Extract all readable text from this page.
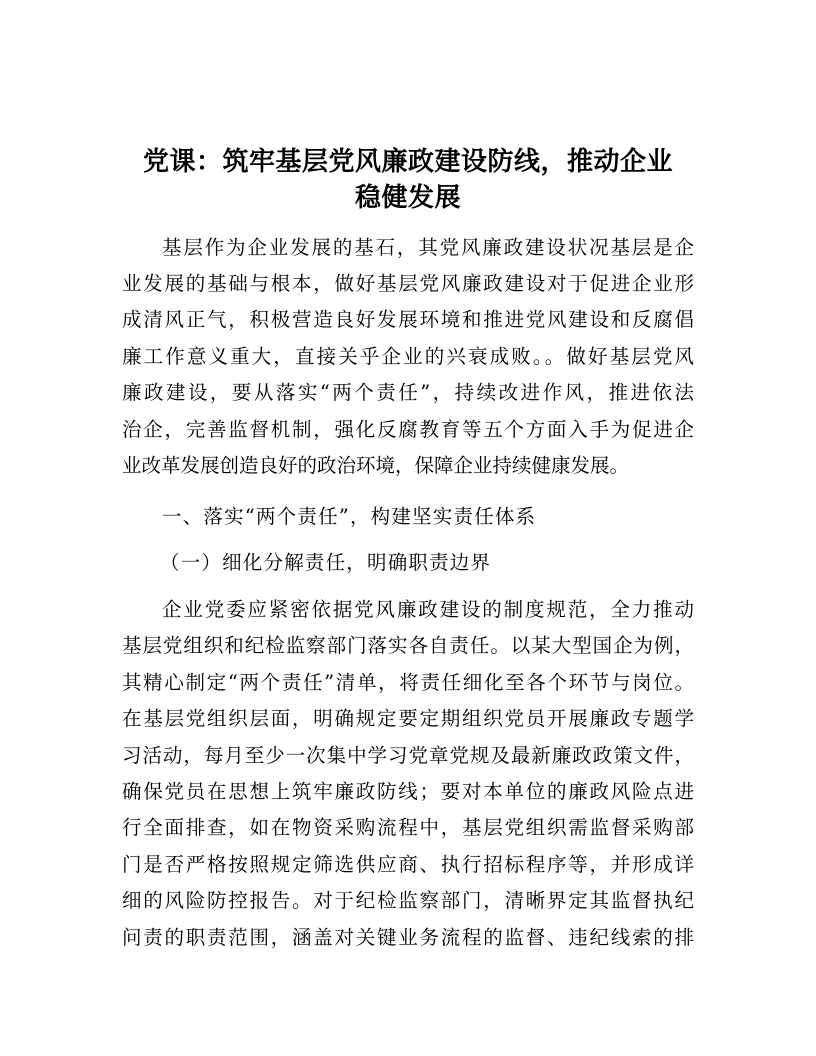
党课：筑牢基层党风廉政建设防线，推动企业
稳健发展
基层作为企业发展的基石，其党风廉政建设状况基层是企
业发展的基础与根本，做好基层党风廉政建设对于促进企业形
成清风正气，积极营造良好发展环境和推进党风建设和反腐倡
廉工作意义重大，直接关乎企业的兴衰成败。。做好基层党风
廉政建设，要从落实“两个责任”，持续改进作风，推进依法
治企，完善监督机制，强化反腐教育等五个方面入手为促进企
业改革发展创造良好的政治环境，保障企业持续健康发展。
一、落实“两个责任”，构建坚实责任体系
（一）细化分解责任，明确职责边界
企业党委应紧密依据党风廉政建设的制度规范，全力推动
基层党组织和纪检监察部门落实各自责任。以某大型国企为例，
其精心制定“两个责任”清单，将责任细化至各个环节与岗位。
在基层党组织层面，明确规定要定期组织党员开展廉政专题学
习活动，每月至少一次集中学习党章党规及最新廉政政策文件，
确保党员在思想上筑牢廉政防线；要对本单位的廉政风险点进
行全面排查，如在物资采购流程中，基层党组织需监督采购部
门是否严格按照规定筛选供应商、执行招标程序等，并形成详
细的风险防控报告。对于纪检监察部门，清晰界定其监督执纪
问责的职责范围，涵盖对关键业务流程的监督、违纪线索的排
